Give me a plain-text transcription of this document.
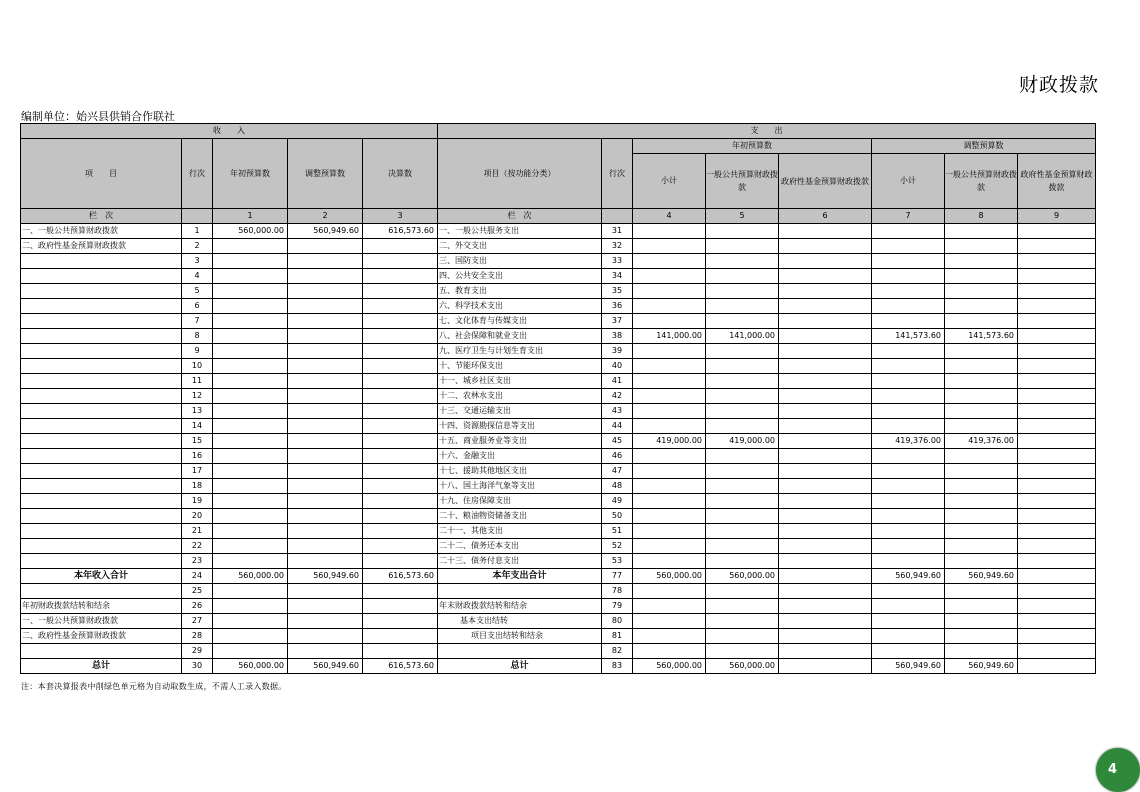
财政拨款
编制单位：始兴县供销合作联社
收　　入					支　　出							
项　　目	行次	年初预算数	调整预算数	决算数	项目（按功能分类）	行次	年初预算数			调整预算数		
							小计	一般公共预算财政拨款	政府性基金预算财政拨款	小计	一般公共预算财政拨款	政府性基金预算财政拨款
栏　次		1	2	3	栏　次		4	5	6	7	8	9
一、一般公共预算财政拨款	1	560,000.00	560,949.60	616,573.60	一、一般公共服务支出	31						
二、政府性基金预算财政拨款	2				二、外交支出	32						
	3				三、国防支出	33						
	4				四、公共安全支出	34						
	5				五、教育支出	35						
	6				六、科学技术支出	36						
	7				七、文化体育与传媒支出	37						
	8				八、社会保障和就业支出	38	141,000.00	141,000.00		141,573.60	141,573.60	
	9				九、医疗卫生与计划生育支出	39						
	10				十、节能环保支出	40						
	11				十一、城乡社区支出	41						
	12				十二、农林水支出	42						
	13				十三、交通运输支出	43						
	14				十四、资源勘探信息等支出	44						
	15				十五、商业服务业等支出	45	419,000.00	419,000.00		419,376.00	419,376.00	
	16				十六、金融支出	46						
	17				十七、援助其他地区支出	47						
	18				十八、国土海洋气象等支出	48						
	19				十九、住房保障支出	49						
	20				二十、粮油物资储备支出	50						
	21				二十一、其他支出	51						
	22				二十二、债务还本支出	52						
	23				二十三、债务付息支出	53						
本年收入合计	24	560,000.00	560,949.60	616,573.60	本年支出合计	77	560,000.00	560,000.00		560,949.60	560,949.60	
	25					78						
年初财政拨款结转和结余	26				年末财政拨款结转和结余	79						
一、一般公共预算财政拨款	27				基本支出结转	80						
二、政府性基金预算财政拨款	28				项目支出结转和结余	81						
	29					82						
总计	30	560,000.00	560,949.60	616,573.60	总计	83	560,000.00	560,000.00		560,949.60	560,949.60	
注：本套决算报表中削绿色单元格为自动取数生成，不需人工录入数据。
4
